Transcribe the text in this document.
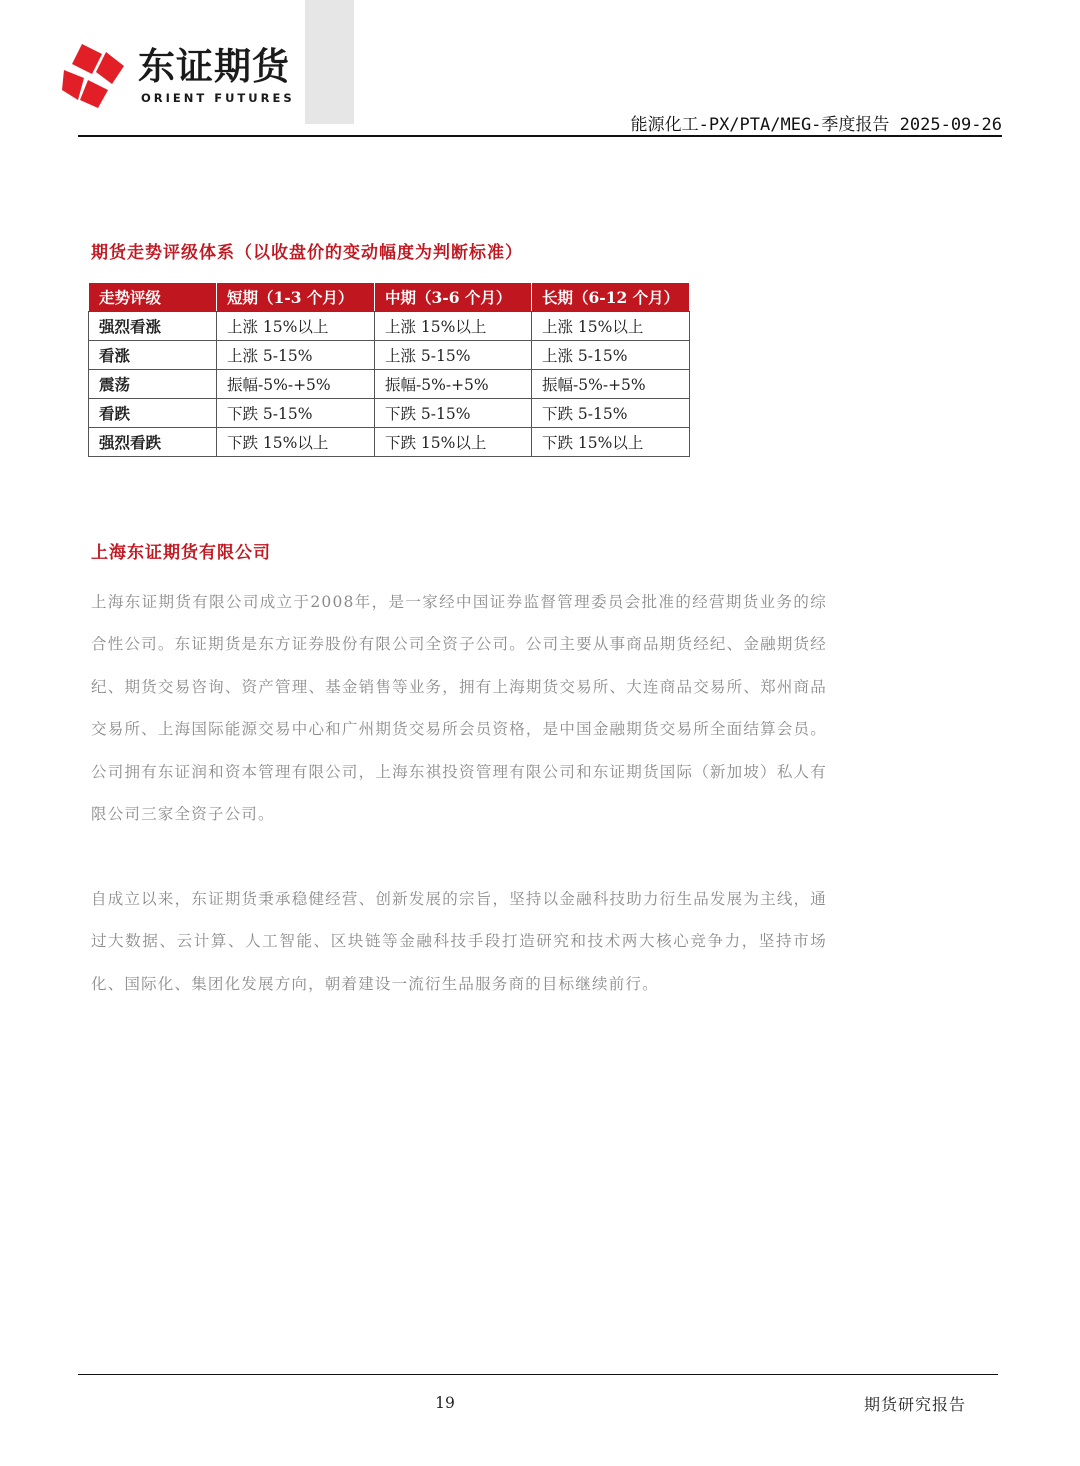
东证期货
ORIENT FUTURES
能源化工-PX/PTA/MEG-季度报告 2025-09-26
期货走势评级体系（以收盘价的变动幅度为判断标准）
走势评级	短期（1-3 个月）	中期（3-6 个月）	长期（6-12 个月）
强烈看涨	上涨 15%以上	上涨 15%以上	上涨 15%以上
看涨	上涨 5-15%	上涨 5-15%	上涨 5-15%
震荡	振幅-5%-+5%	振幅-5%-+5%	振幅-5%-+5%
看跌	下跌 5-15%	下跌 5-15%	下跌 5-15%
强烈看跌	下跌 15%以上	下跌 15%以上	下跌 15%以上
上海东证期货有限公司

上海东证期货有限公司成立于2008年，是一家经中国证券监督管理委员会批准的经营期货业务的综合性公司。东证期货是东方证券股份有限公司全资子公司。公司主要从事商品期货经纪、金融期货经纪、期货交易咨询、资产管理、基金销售等业务，拥有上海期货交易所、大连商品交易所、郑州商品交易所、上海国际能源交易中心和广州期货交易所会员资格，是中国金融期货交易所全面结算会员。公司拥有东证润和资本管理有限公司，上海东祺投资管理有限公司和东证期货国际（新加坡）私人有限公司三家全资子公司。

自成立以来，东证期货秉承稳健经营、创新发展的宗旨，坚持以金融科技助力衍生品发展为主线，通过大数据、云计算、人工智能、区块链等金融科技手段打造研究和技术两大核心竞争力，坚持市场化、国际化、集团化发展方向，朝着建设一流衍生品服务商的目标继续前行。

19	期货研究报告
